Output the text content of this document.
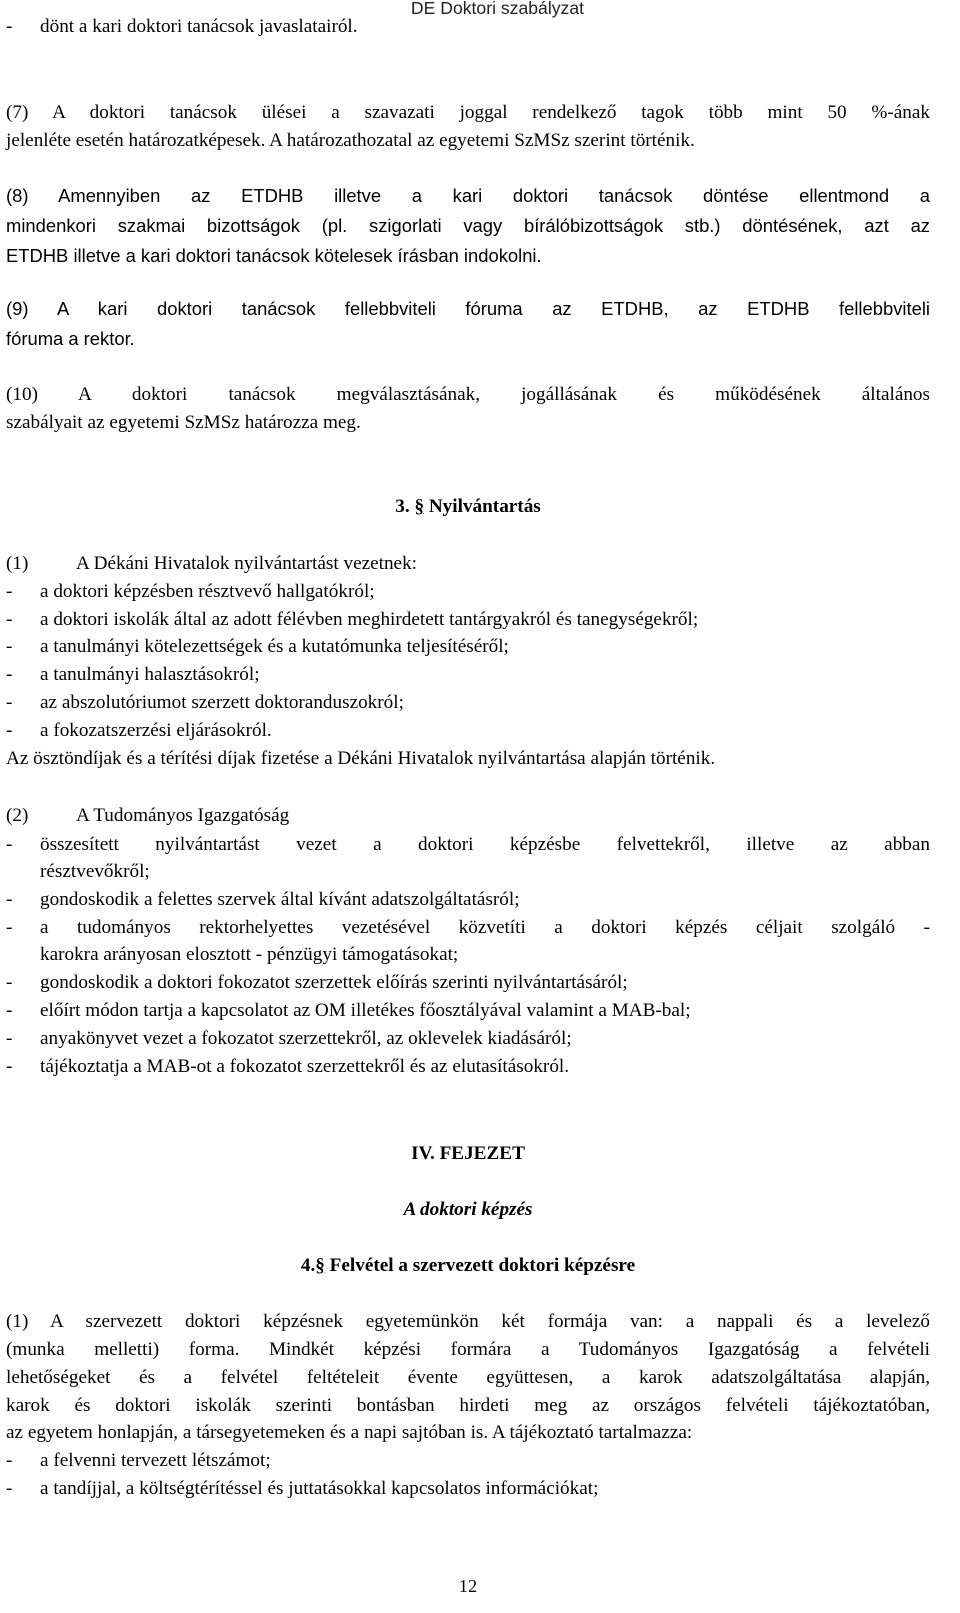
DE Doktori szabályzat
- dönt a kari doktori tanácsok javaslatairól.
(7) A doktori tanácsok ülései a szavazati joggal rendelkező tagok több mint 50 %-ának
jelenléte esetén határozatképesek. A határozathozatal az egyetemi SzMSz szerint történik.
(8) Amennyiben az ETDHB illetve a kari doktori tanácsok döntése ellentmond a
mindenkori szakmai bizottságok (pl. szigorlati vagy bírálóbizottságok stb.) döntésének, azt az
ETDHB illetve a kari doktori tanácsok kötelesek írásban indokolni.
(9) A kari doktori tanácsok fellebbviteli fóruma az ETDHB, az ETDHB fellebbviteli
fóruma a rektor.
(10) A doktori tanácsok megválasztásának, jogállásának és működésének általános
szabályait az egyetemi SzMSz határozza meg.
3. § Nyilvántartás
(1) A Dékáni Hivatalok nyilvántartást vezetnek:
- a doktori képzésben résztvevő hallgatókról;
- a doktori iskolák által az adott félévben meghirdetett tantárgyakról és tanegységekről;
- a tanulmányi kötelezettségek és a kutatómunka teljesítéséről;
- a tanulmányi halasztásokról;
- az abszolutóriumot szerzett doktoranduszokról;
- a fokozatszerzési eljárásokról.
Az ösztöndíjak és a térítési díjak fizetése a Dékáni Hivatalok nyilvántartása alapján történik.
(2) A Tudományos Igazgatóság
- összesített nyilvántartást vezet a doktori képzésbe felvettekről, illetve az abban
résztvevőkről;
- gondoskodik a felettes szervek által kívánt adatszolgáltatásról;
- a tudományos rektorhelyettes vezetésével közvetíti a doktori képzés céljait szolgáló -
karokra arányosan elosztott - pénzügyi támogatásokat;
- gondoskodik a doktori fokozatot szerzettek előírás szerinti nyilvántartásáról;
- előírt módon tartja a kapcsolatot az OM illetékes főosztályával valamint a MAB-bal;
- anyakönyvet vezet a fokozatot szerzettekről, az oklevelek kiadásáról;
- tájékoztatja a MAB-ot a fokozatot szerzettekről és az elutasításokról.
IV. FEJEZET
A doktori képzés
4.§ Felvétel a szervezett doktori képzésre
(1) A szervezett doktori képzésnek egyetemünkön két formája van: a nappali és a levelező
(munka melletti) forma. Mindkét képzési formára a Tudományos Igazgatóság a felvételi
lehetőségeket és a felvétel feltételeit évente együttesen, a karok adatszolgáltatása alapján,
karok és doktori iskolák szerinti bontásban hirdeti meg az országos felvételi tájékoztatóban,
az egyetem honlapján, a társegyetemeken és a napi sajtóban is. A tájékoztató tartalmazza:
- a felvenni tervezett létszámot;
- a tandíjjal, a költségtérítéssel és juttatásokkal kapcsolatos információkat;
12
